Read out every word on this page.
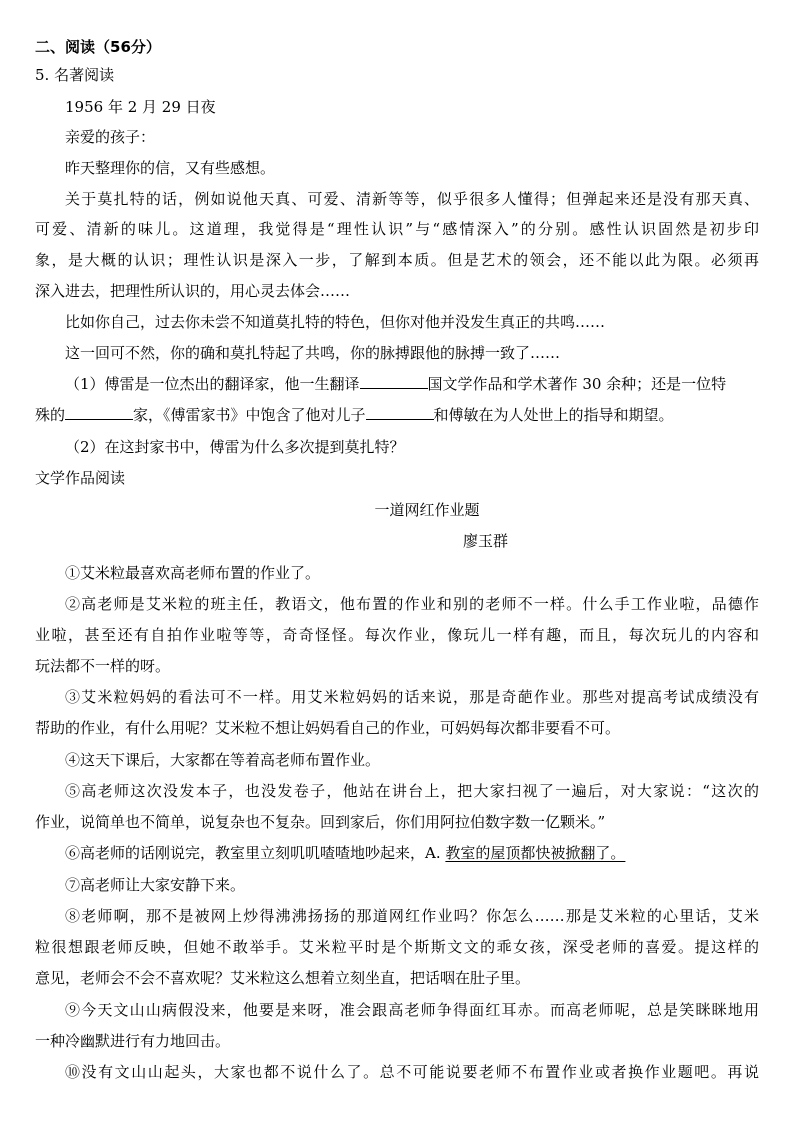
二、阅读（56分）
5. 名著阅读
1956 年 2 月 29 日夜
亲爱的孩子：
昨天整理你的信，又有些感想。
关于莫扎特的话，例如说他天真、可爱、清新等等，似乎很多人懂得；但弹起来还是没有那天真、
可爱、清新的味儿。这道理，我觉得是“理性认识”与“感情深入”的分别。感性认识固然是初步印
象，是大概的认识；理性认识是深入一步，了解到本质。但是艺术的领会，还不能以此为限。必须再
深入进去，把理性所认识的，用心灵去体会……
比如你自己，过去你未尝不知道莫扎特的特色，但你对他并没发生真正的共鸣……
这一回可不然，你的确和莫扎特起了共鸣，你的脉搏跟他的脉搏一致了……
（1）傅雷是一位杰出的翻译家，他一生翻译	国文学作品和学术著作 30 余种；还是一位特
殊的	家，《傅雷家书》中饱含了他对儿子	和傅敏在为人处世上的指导和期望。
（2）在这封家书中，傅雷为什么多次提到莫扎特？
文学作品阅读
一道网红作业题
廖玉群
①艾米粒最喜欢高老师布置的作业了。
②高老师是艾米粒的班主任，教语文，他布置的作业和别的老师不一样。什么手工作业啦，品德作
业啦，甚至还有自拍作业啦等等，奇奇怪怪。每次作业，像玩儿一样有趣，而且，每次玩儿的内容和
玩法都不一样的呀。
③艾米粒妈妈的看法可不一样。用艾米粒妈妈的话来说，那是奇葩作业。那些对提高考试成绩没有
帮助的作业，有什么用呢？艾米粒不想让妈妈看自己的作业，可妈妈每次都非要看不可。
④这天下课后，大家都在等着高老师布置作业。
⑤高老师这次没发本子，也没发卷子，他站在讲台上，把大家扫视了一遍后，对大家说：“这次的
作业，说简单也不简单，说复杂也不复杂。回到家后，你们用阿拉伯数字数一亿颗米。”
⑥高老师的话刚说完，教室里立刻叽叽喳喳地吵起来，A. 教室的屋顶都快被掀翻了。
⑦高老师让大家安静下来。
⑧老师啊，那不是被网上炒得沸沸扬扬的那道网红作业吗？你怎么……那是艾米粒的心里话，艾米
粒很想跟老师反映，但她不敢举手。艾米粒平时是个斯斯文文的乖女孩，深受老师的喜爱。提这样的
意见，老师会不会不喜欢呢？艾米粒这么想着立刻坐直，把话咽在肚子里。
⑨今天文山山病假没来，他要是来呀，准会跟高老师争得面红耳赤。而高老师呢，总是笑眯眯地用
一种冷幽默进行有力地回击。
⑩没有文山山起头，大家也都不说什么了。总不可能说要老师不布置作业或者换作业题吧。再说
